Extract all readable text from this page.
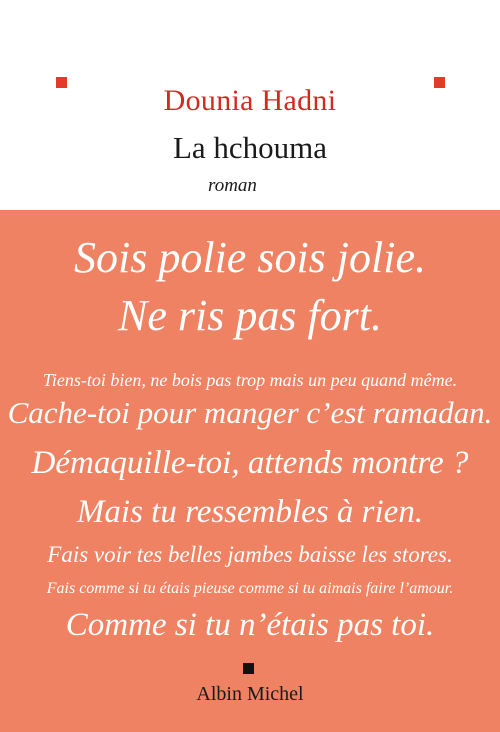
Dounia Hadni
La hchouma
roman
Sois polie sois jolie.
Ne ris pas fort.
Tiens-toi bien, ne bois pas trop mais un peu quand même.
Cache-toi pour manger c’est ramadan.
Démaquille-toi, attends montre ?
Mais tu ressembles à rien.
Fais voir tes belles jambes baisse les stores.
Fais comme si tu étais pieuse comme si tu aimais faire l’amour.
Comme si tu n’étais pas toi.
Albin Michel
